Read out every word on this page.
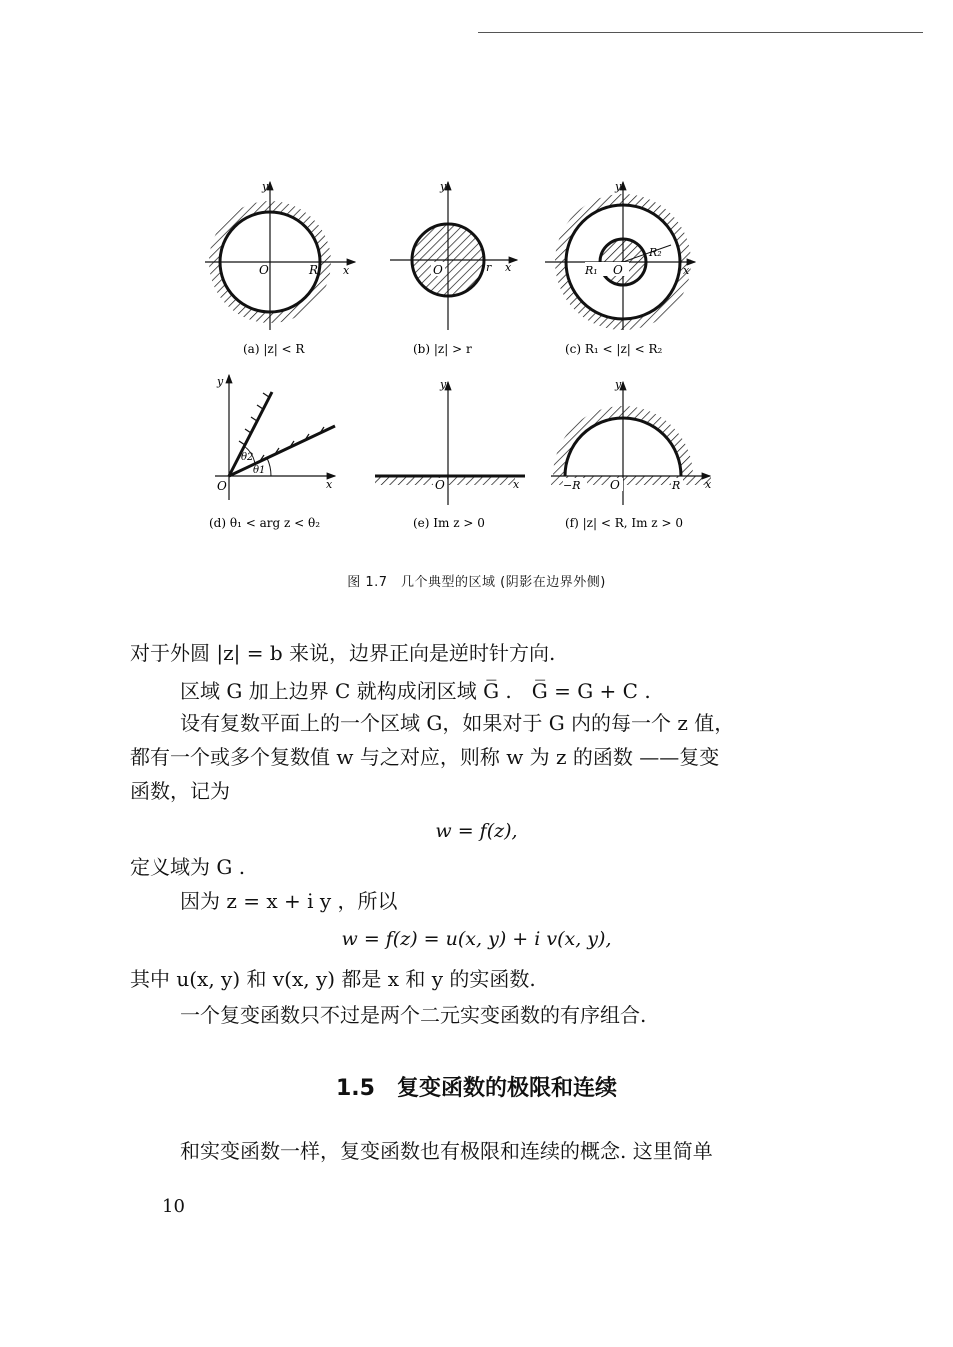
O	R x
y
O	r x
y
R₁ O
R₂
x
y
(a) |z| < R	(b) |z| > r	(c) R₁ < |z| < R₂
θ2
θ1
O	x
y
O	x
y
−R O	R x
y
(d) θ₁ < arg z < θ₂	(e) Im z > 0	(f) |z| < R, Im z > 0
图 1.7　几个典型的区域 (阴影在边界外侧)
对于外圆 |z| = b 来说，边界正向是逆时针方向.
区域 G 加上边界 C 就构成闭区域 G̅ .　G̅ = G + C .
设有复数平面上的一个区域 G，如果对于 G 内的每一个 z 值，
都有一个或多个复数值 w 与之对应，则称 w 为 z 的函数 ——复变
函数，记为
w = f(z),
定义域为 G .
因为 z = x + i y ，所以
w = f(z) = u(x, y) + i v(x, y),
其中 u(x, y) 和 v(x, y) 都是 x 和 y 的实函数.
一个复变函数只不过是两个二元实变函数的有序组合.
1.5　复变函数的极限和连续
和实变函数一样，复变函数也有极限和连续的概念. 这里简单
10
